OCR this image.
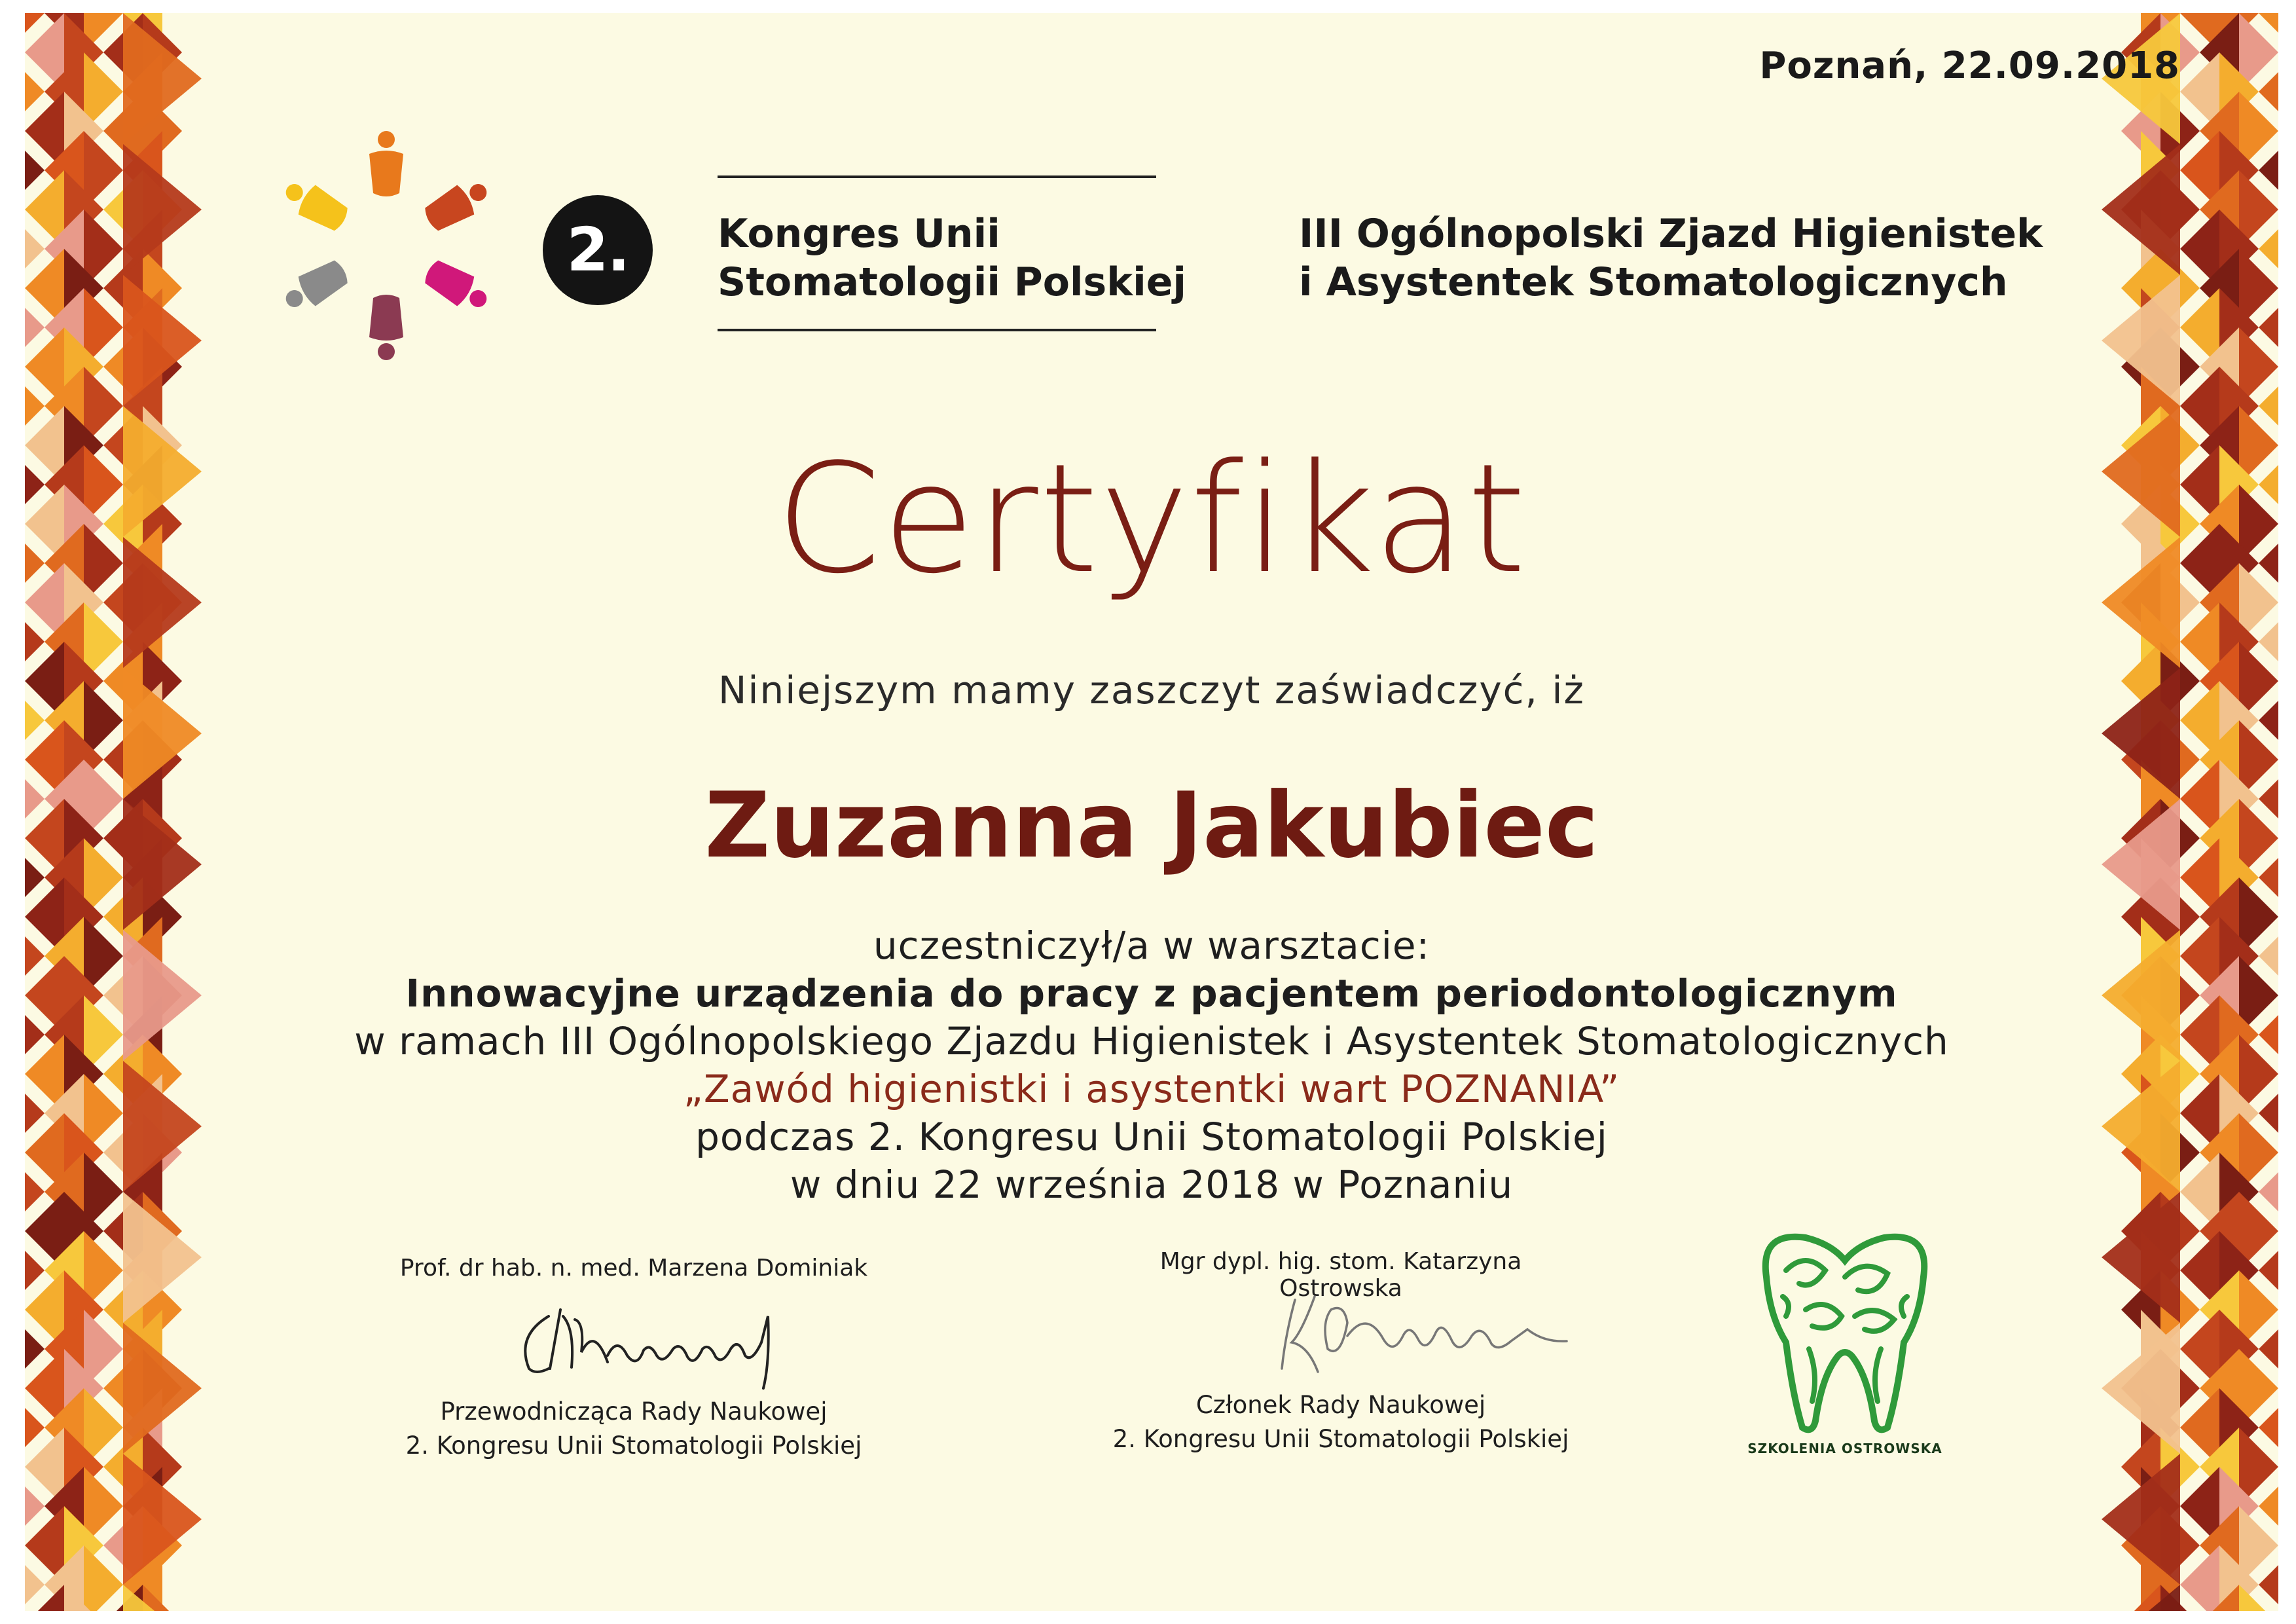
Poznań, 22.09.2018
2.	Kongres Unii
Stomatologii Polskiej
III Ogólnopolski Zjazd Higienistek
i Asystentek Stomatologicznych
Certyfikat
Niniejszym mamy zaszczyt zaświadczyć, iż
Zuzanna Jakubiec
uczestniczył/a w warsztacie:
Innowacyjne urządzenia do pracy z pacjentem periodontologicznym
w ramach III Ogólnopolskiego Zjazdu Higienistek i Asystentek Stomatologicznych
„Zawód higienistki i asystentki wart POZNANIA”
podczas 2. Kongresu Unii Stomatologii Polskiej
w dniu 22 września 2018 w Poznaniu
Prof. dr hab. n. med. Marzena Dominiak
Przewodnicząca Rady Naukowej
2. Kongresu Unii Stomatologii Polskiej
Mgr dypl. hig. stom. Katarzyna Ostrowska
Członek Rady Naukowej
2. Kongresu Unii Stomatologii Polskiej	SZKOLENIA OSTROWSKA
